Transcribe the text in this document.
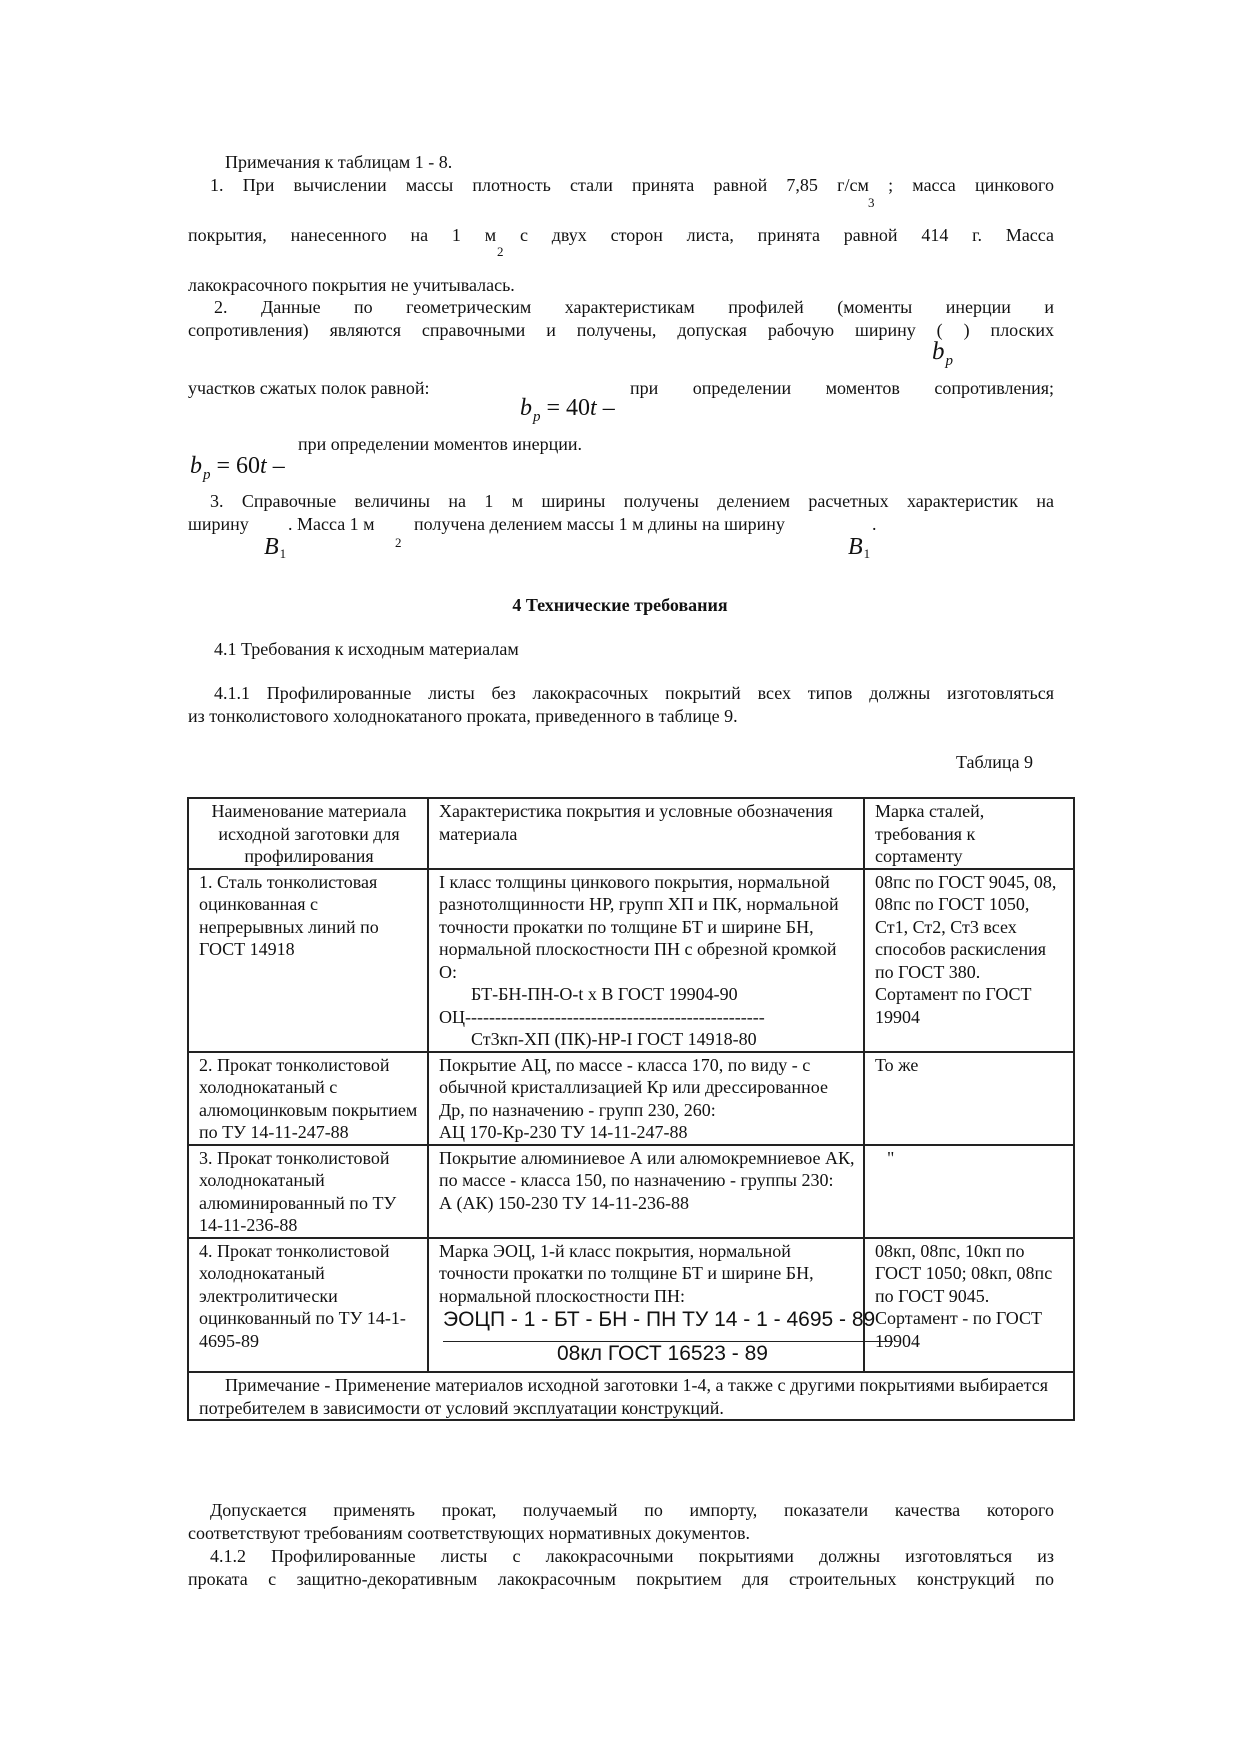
Примечания к таблицам 1 - 8.
1. При вычислении массы плотность стали принята равной 7,85 г/см ; масса цинкового
3
покрытия, нанесенного на 1 м с двух сторон листа, принята равной 414 г. Масса
2
лакокрасочного покрытия не учитывалась.
2. Данные по геометрическим характеристикам профилей (моменты инерции и
сопротивления) являются справочными и получены, допуская рабочую ширину ( ) плоских
$b_p$
участков сжатых полок равной:	при определении моментов сопротивления;
$b_p = 40t$ –
при определении моментов инерции.
$b_p = 60t$ –
3. Справочные величины на 1 м ширины получены делением расчетных характеристик на
ширину . Масса 1 м
2
получена делением массы 1 м длины на ширину	.
B1	B1
4 Технические требования
4.1 Требования к исходным материалам
4.1.1 Профилированные листы без лакокрасочных покрытий всех типов должны изготовляться
из тонколистового холоднокатаного проката, приведенного в таблице 9.
Таблица 9
Наименование материала исходной заготовки для профилирования	Характеристика покрытия и условные обозначения материала	Марка сталей, требования к сортаменту
1. Сталь тонколистовая оцинкованная с непрерывных линий по ГОСТ 14918	I класс толщины цинкового покрытия, нормальной разнотолщинности НР, групп ХП и ПК, нормальной точности прокатки по толщине БТ и ширине БН, нормальной плоскостности ПН с обрезной кромкой О:
БТ-БН-ПН-О-t x B ГОСТ 19904-90
ОЦ--------------------------------------------------
Ст3кп-ХП (ПК)-НР-I ГОСТ 14918-80	08пс по ГОСТ 9045, 08, 08пс по ГОСТ 1050, Ст1, Ст2, Ст3 всех способов раскисления по ГОСТ 380. Сортамент по ГОСТ 19904
2. Прокат тонколистовой холоднокатаный с алюмоцинковым покрытием по ТУ 14-11-247-88	Покрытие АЦ, по массе - класса 170, по виду - с обычной кристаллизацией Кр или дрессированное Др, по назначению - групп 230, 260:
АЦ 170-Кр-230 ТУ 14-11-247-88	То же
3. Прокат тонколистовой холоднокатаный алюминированный по ТУ 14-11-236-88	Покрытие алюминиевое А или алюмокремниевое АК, по массе - класса 150, по назначению - группы 230:
А (АК) 150-230 ТУ 14-11-236-88	"
4. Прокат тонколистовой холоднокатаный электролитически оцинкованный по ТУ 14-1-4695-89	Марка ЭОЦ, 1-й класс покрытия, нормальной точности прокатки по толщине БТ и ширине БН, нормальной плоскостности ПН:
ЭОЦП - 1 - БТ - БН - ПН ТУ 14 - 1 - 4695 - 89
08кл ГОСТ 16523 - 89	08кп, 08пс, 10кп по ГОСТ 1050; 08кп, 08пс по ГОСТ 9045. Сортамент - по ГОСТ 19904
Примечание - Применение материалов исходной заготовки 1-4, а также с другими покрытиями выбирается потребителем в зависимости от условий эксплуатации конструкций.		
Допускается применять прокат, получаемый по импорту, показатели качества которого
соответствуют требованиям соответствующих нормативных документов.
4.1.2 Профилированные листы с лакокрасочными покрытиями должны изготовляться из
проката с защитно-декоративным лакокрасочным покрытием для строительных конструкций по
